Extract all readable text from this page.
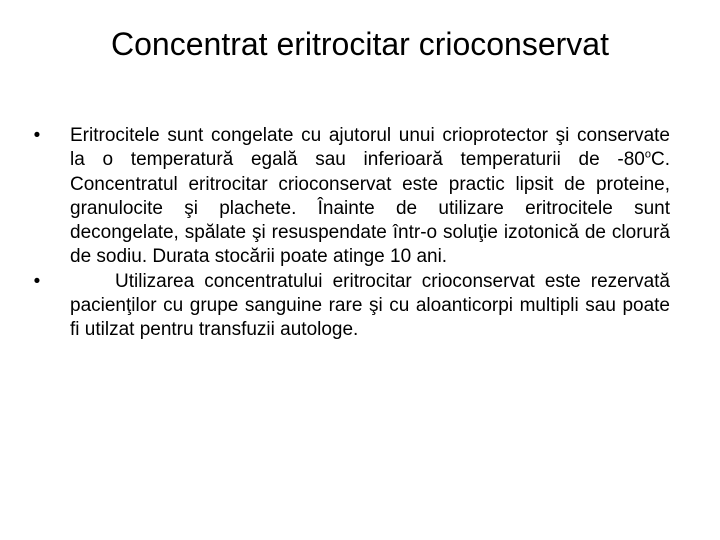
Concentrat eritrocitar crioconservat
• Eritrocitele sunt congelate cu ajutorul unui crioprotector şi conservate la o temperatură egală sau inferioară temperaturii de -80$^o$C. Concentratul eritrocitar crioconservat este practic lipsit de proteine, granulocite şi plachete. Înainte de utilizare eritrocitele sunt decongelate, spălate şi resuspendate într-o soluţie izotonică de clorură de sodiu. Durata stocării poate atinge 10 ani.
•	Utilizarea concentratului eritrocitar crioconservat este rezervată pacienţilor cu grupe sanguine rare şi cu aloanticorpi multipli sau poate fi utilzat pentru transfuzii autologe.
